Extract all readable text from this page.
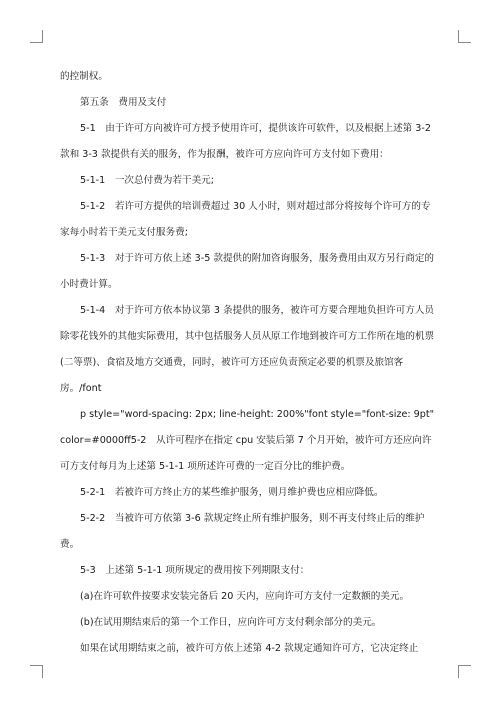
的控制权。

第五条　费用及支付

5-1　由于许可方向被许可方授予使用许可，提供该许可软件，以及根据上述第 3-2 款和 3-3 款提供有关的服务，作为报酬，被许可方应向许可方支付如下费用：

5-1-1　一次总付费为若干美元;

5-1-2　若许可方提供的培训费超过 30 人小时，则对超过部分将按每个许可方的专家每小时若干美元支付服务费;

5-1-3　对于许可方依上述 3-5 款提供的附加咨询服务，服务费用由双方另行商定的小时费计算。

5-1-4　对于许可方依本协议第 3 条提供的服务，被许可方要合理地负担许可方人员除零花钱外的其他实际费用，其中包括服务人员从原工作地到被许可方工作所在地的机票(二等票)、食宿及地方交通费，同时，被许可方还应负责预定必要的机票及旅馆客房。/font

p style="word-spacing: 2px; line-height: 200%"font style="font-size: 9pt" color=#0000ff5-2　从许可程序在指定 cpu 安装后第 7 个月开始，被许可方还应向许可方支付每月为上述第 5-1-1 项所述许可费的一定百分比的维护费。

5-2-1　若被许可方终止方的某些维护服务，则月维护费也应相应降低。

5-2-2　当被许可方依第 3-6 款规定终止所有维护服务，则不再支付终止后的维护费。

5-3　上述第 5-1-1 项所规定的费用按下列期限支付：

(a)在许可软件按要求安装完备后 20 天内，应向许可方支付一定数额的美元。

(b)在试用期结束后的第一个工作日，应向许可方支付剩余部分的美元。

如果在试用期结束之前，被许可方依上述第 4-2 款规定通知许可方，它决定终止
